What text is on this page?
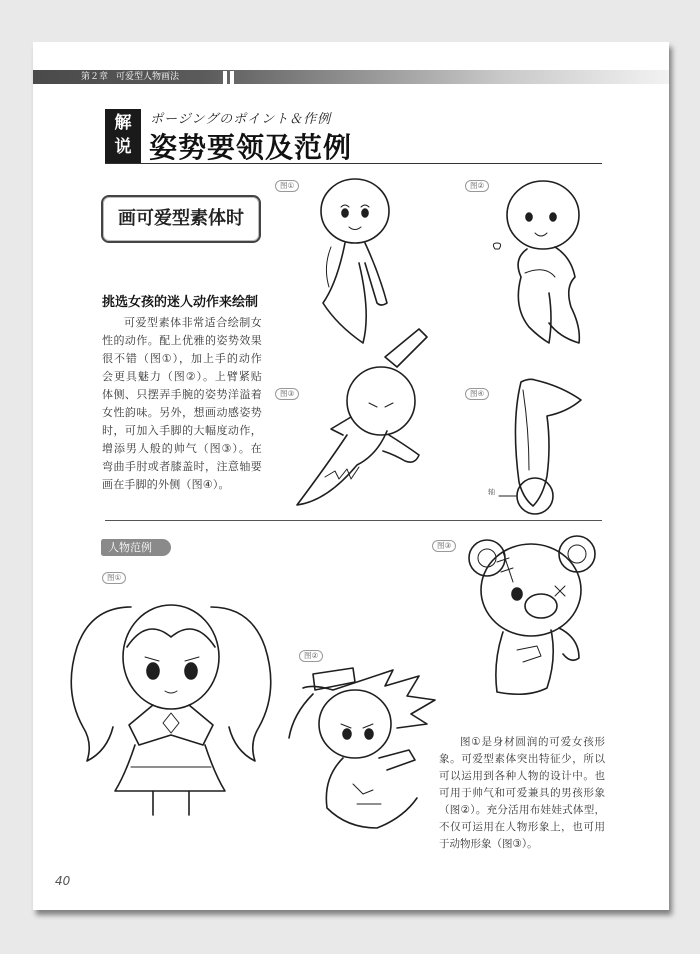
第２章 可爱型人物画法
解
说
ポージングのポイント＆作例
姿势要领及范例
画可爱型素体时
挑选女孩的迷人动作来绘制
可爱型素体非常适合绘制女性的动作。配上优雅的姿势效果很不错（图①），加上手的动作会更具魅力（图②）。上臂紧贴体侧、只摆弄手腕的姿势洋溢着女性韵味。另外，想画动感姿势时，可加入手脚的大幅度动作，增添男人般的帅气（图③）。在弯曲手肘或者膝盖时，注意轴要画在手脚的外侧（图④）。
图①	图②
图③	图④
轴
人物范例
图①
图②
图③
图①是身材圆润的可爱女孩形象。可爱型素体突出特征少，所以可以运用到各种人物的设计中。也可用于帅气和可爱兼具的男孩形象（图②）。充分活用布娃娃式体型，不仅可运用在人物形象上，也可用于动物形象（图③）。
40
